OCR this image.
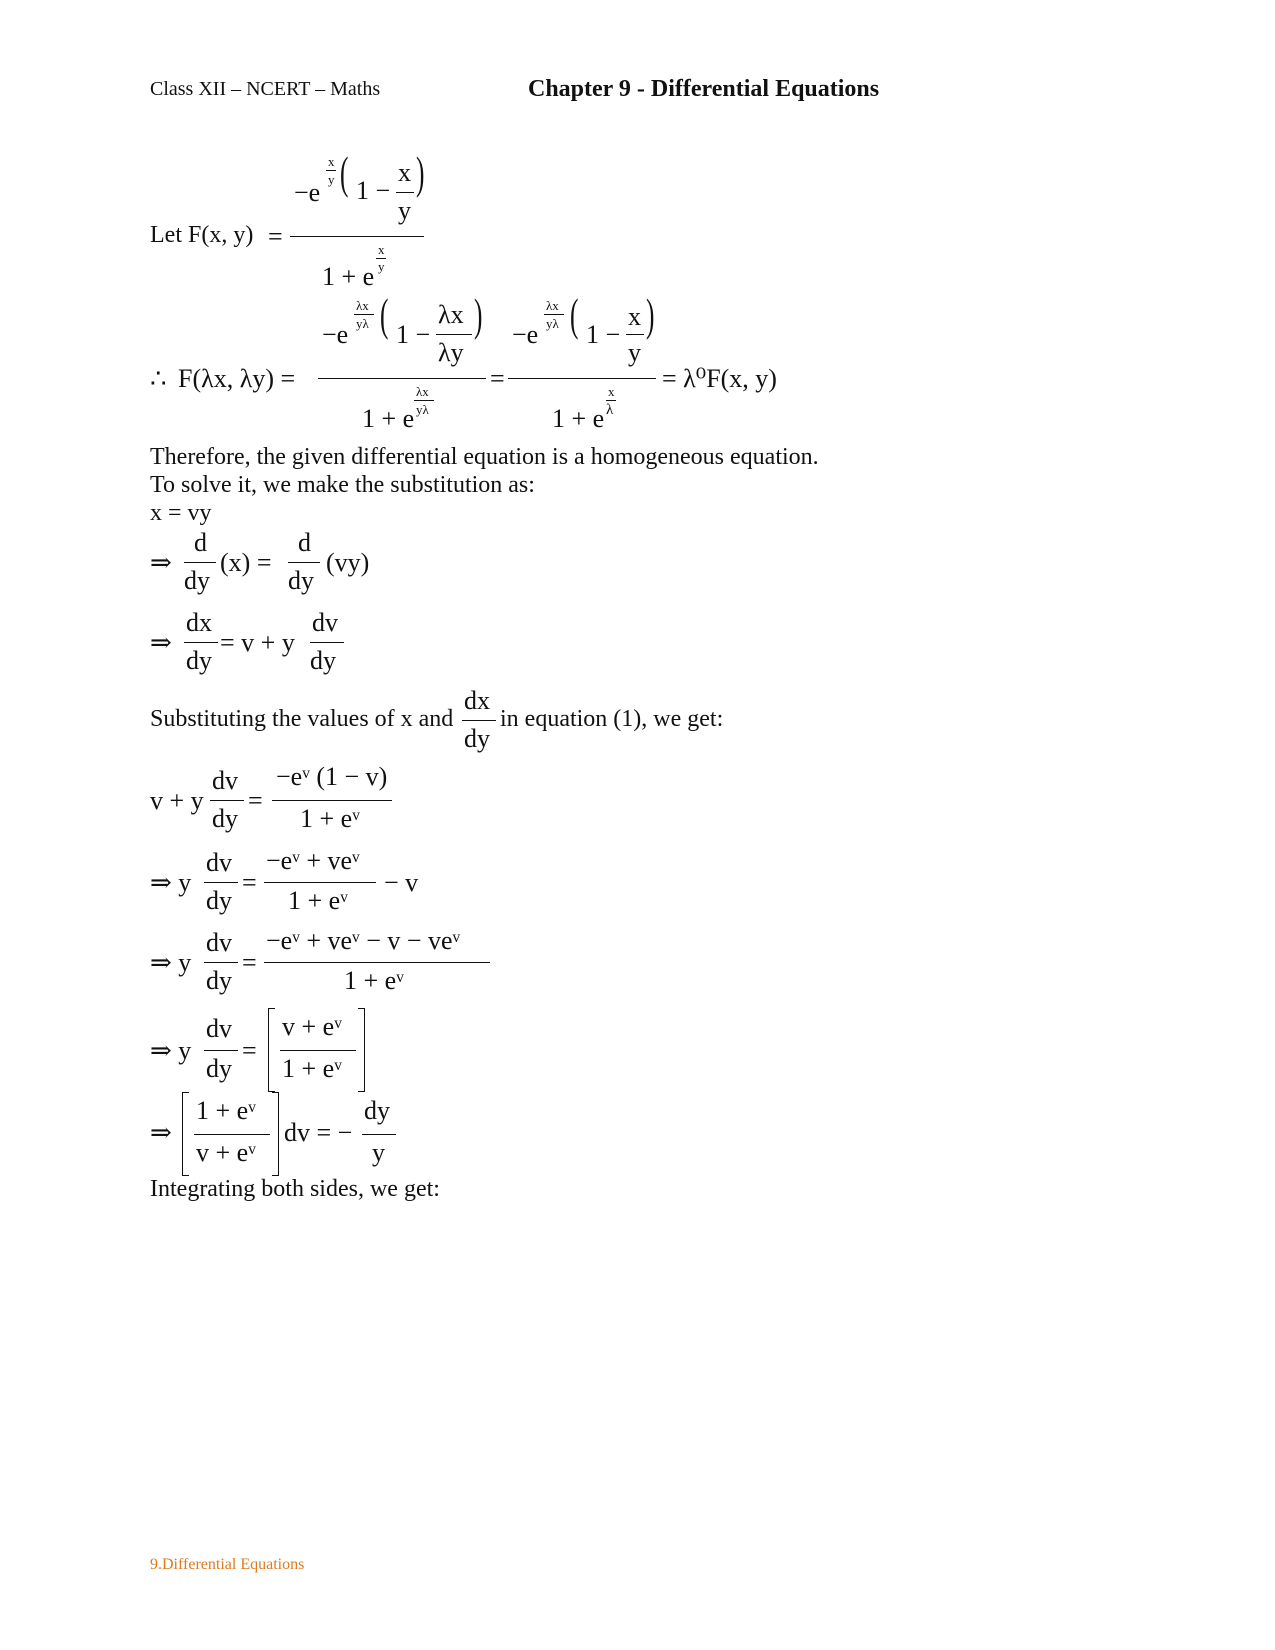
Class XII – NCERT – Maths	Chapter 9 - Differential Equations
Let F(x, y) =
−e
x
y ( 1 −
x
y
)
1 + e
x
y
∴ F(λx, λy) =
−e
λx
yλ ( 1 −
λx
λy
)
1 + e
λx
yλ
=
−e
λx
yλ ( 1 −
x
y
)
1 + e
x
λ
= λ⁰F(x, y)
Therefore, the given differential equation is a homogeneous equation.
To solve it, we make the substitution as:
x = vy
⇒
d
dy
(x) =
d
dy
(vy)
⇒
dx
dy
= v + y
dv
dy
Substituting the values of x and
dx
dy
in equation (1), we get:
v + y
dv
dy
=
−eᵛ (1 − v)
1 + eᵛ
⇒ y
dv
dy
=
−eᵛ + veᵛ
1 + eᵛ
− v
⇒ y
dv
dy
=
−eᵛ + veᵛ − v − veᵛ
1 + eᵛ
⇒ y
dv
dy
=
v + eᵛ
1 + eᵛ
⇒
1 + eᵛ
v + eᵛ
dv = −
dy
y
Integrating both sides, we get:
9.Differential Equations
